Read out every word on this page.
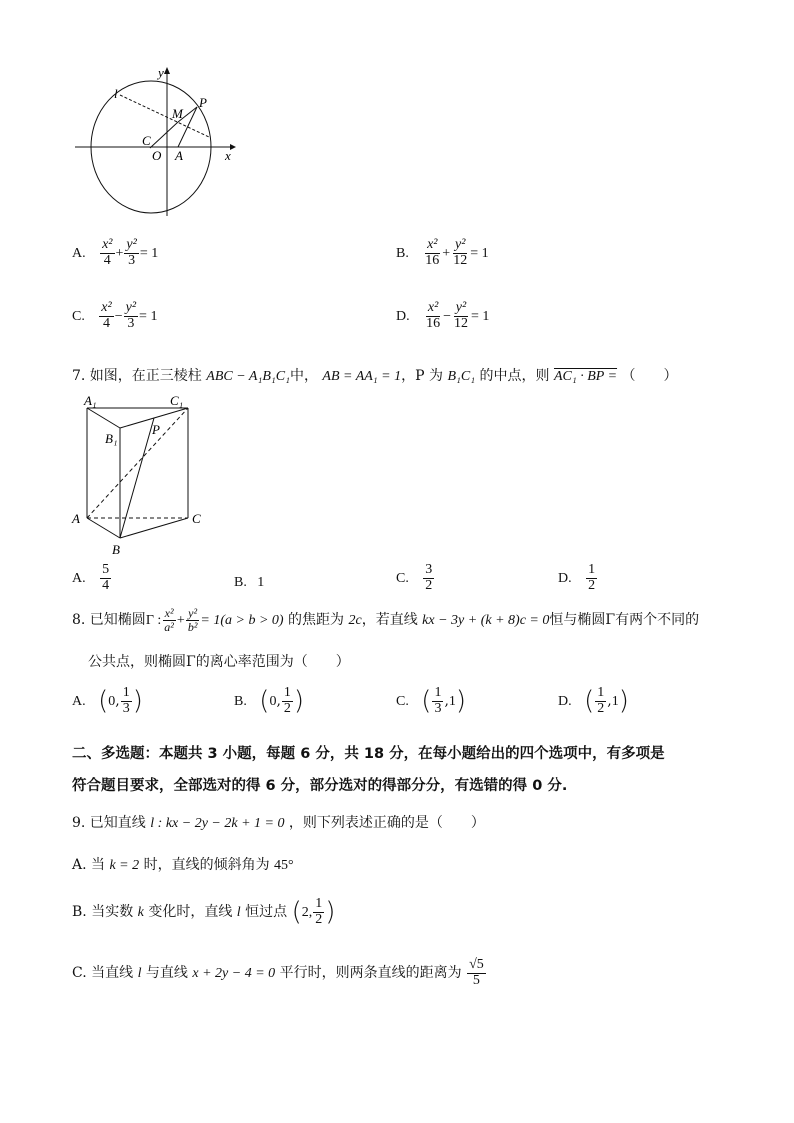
y
x
l
P
M
C
O A
A. $\frac{\text{x²}}{4} + \frac{\text{y²}}{3} = 1$	B. $\frac{\text{x²}}{16} + \frac{\text{y²}}{12} = 1$
C. $\frac{\text{x²}}{4} - \frac{\text{y²}}{3} = 1$	D. $\frac{\text{x²}}{16} - \frac{\text{y²}}{12} = 1$
7. 如图，在正三棱柱 ABC − A₁B₁C₁中， AB = AA₁ = 1，P 为 B₁C₁ 的中点，则 AC₁ · BP = （　　）
A₁	C₁
B₁
P
A	C
B
A. $\frac{5}{4}$	B. 1	C. $\frac{3}{2}$	D. $\frac{1}{2}$
8. 已知椭圆Γ : $\frac{\text{x²}}{\text{a²}} + \frac{\text{y²}}{\text{b²}} = 1(a > b > 0)$ 的焦距为 2c，若直线 kx − 3y + (k + 8)c = 0恒与椭圆Γ有两个不同的
公共点，则椭圆Γ的离心率范围为（　　）
A. (0, $\frac{1}{3}$ )	B. (0, $\frac{1}{2}$ )	C. ( $\frac{1}{3} ,1$)	D. ( $\frac{1}{2} ,1$)
二、多选题：本题共 3 小题，每题 6 分，共 18 分，在每小题给出的四个选项中，有多项是
符合题目要求，全部选对的得 6 分，部分选对的得部分分，有选错的得 0 分.
9. 已知直线 l : kx − 2y − 2k + 1 = 0 ，则下列表述正确的是（　　）
A. 当 k = 2 时，直线的倾斜角为 45°
B. 当实数 k 变化时，直线 l 恒过点 (2, $\frac{1}{2}$ )
C. 当直线 l 与直线 x + 2y − 4 = 0 平行时，则两条直线的距离为 $\frac{√5}{5}$
